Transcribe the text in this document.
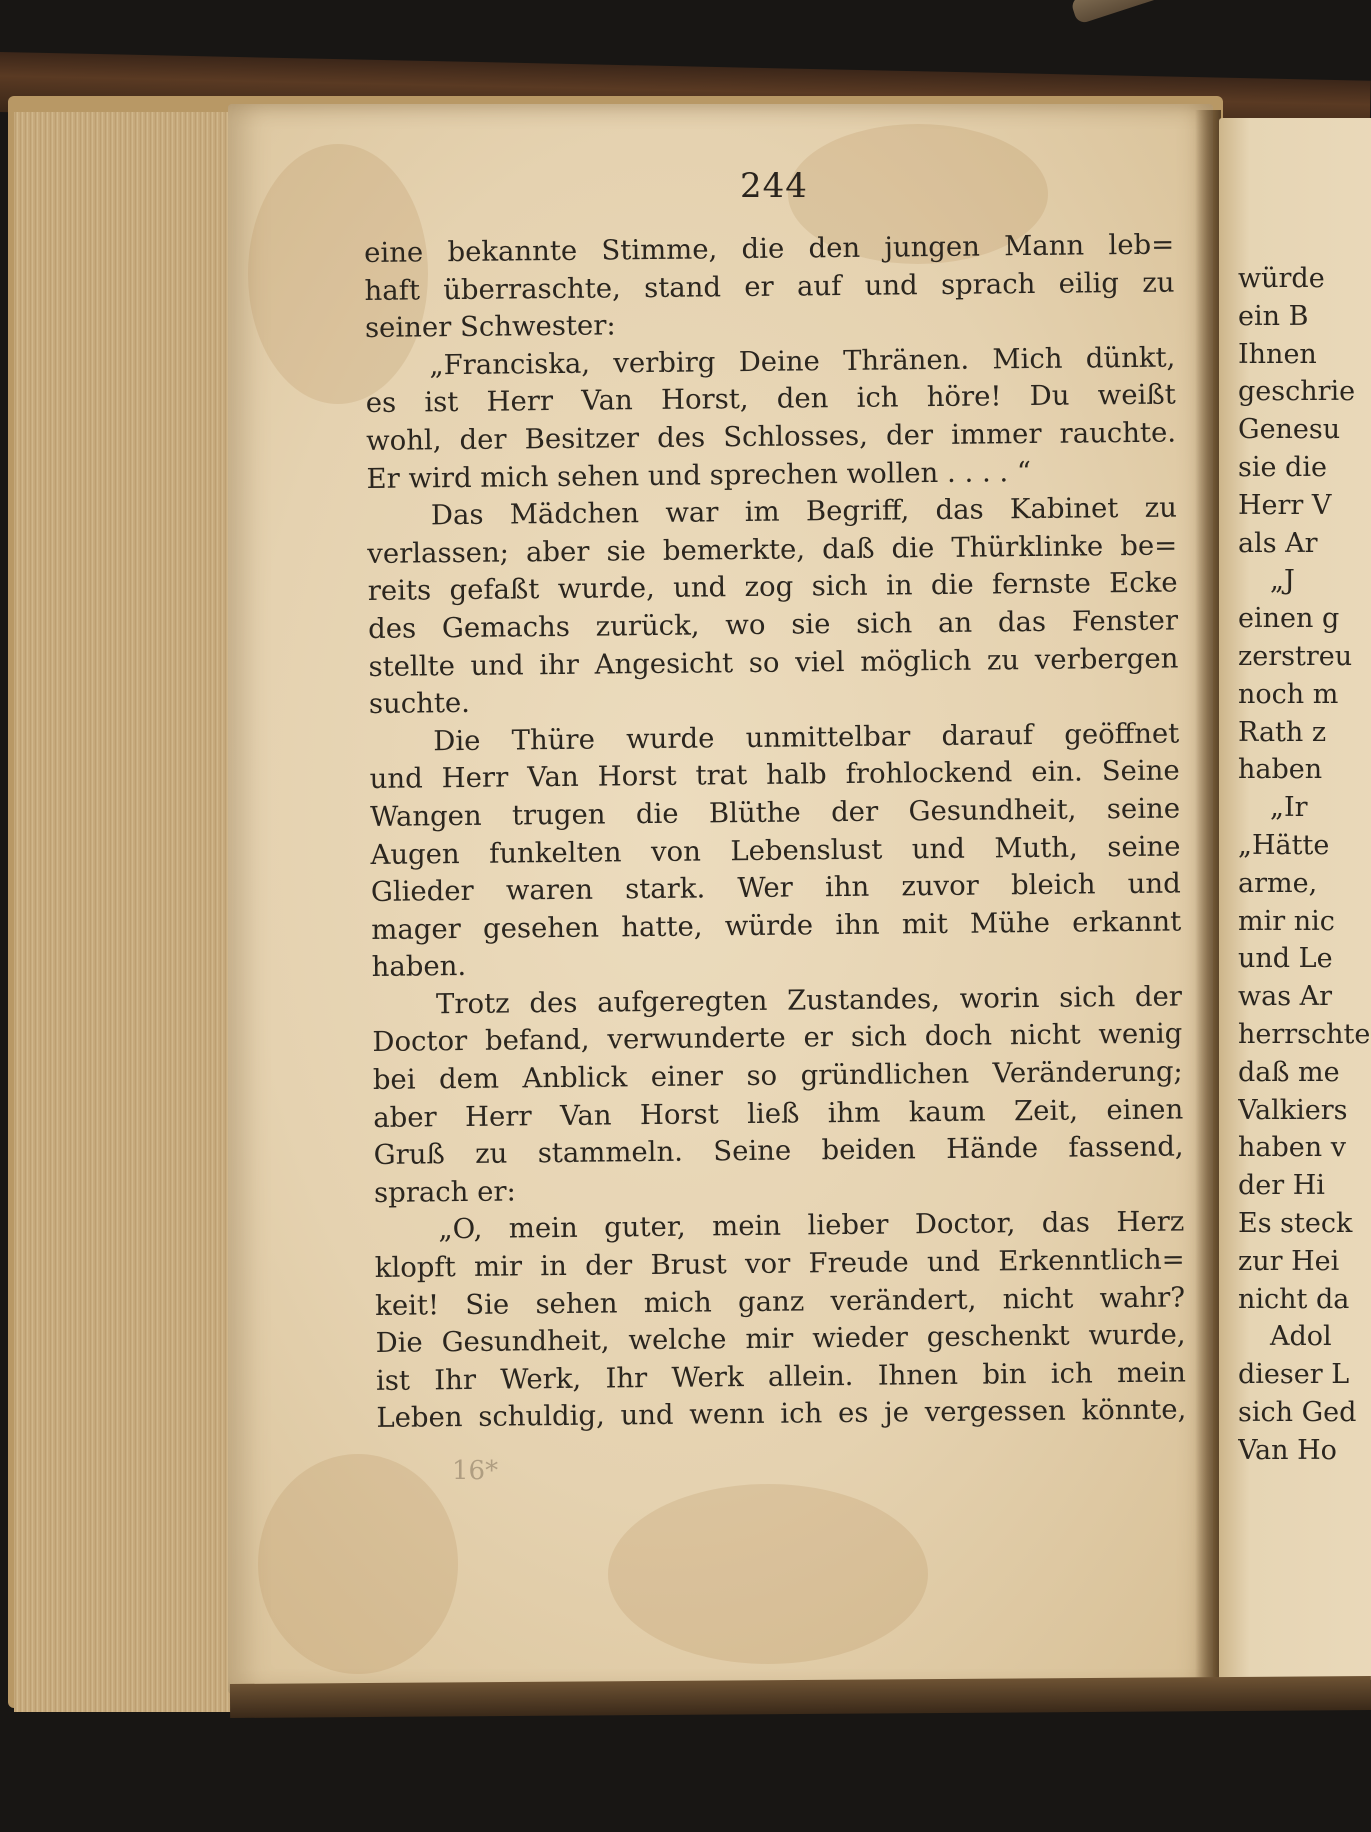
244
eine bekannte Stimme, die den jungen Mann leb=
haft überraschte, stand er auf und sprach eilig zu
seiner Schwester:
„Franciska, verbirg Deine Thränen. Mich dünkt,
es ist Herr Van Horst, den ich höre! Du weißt
wohl, der Besitzer des Schlosses, der immer rauchte.
Er wird mich sehen und sprechen wollen . . . . “
Das Mädchen war im Begriff, das Kabinet zu
verlassen; aber sie bemerkte, daß die Thürklinke be=
reits gefaßt wurde, und zog sich in die fernste Ecke
des Gemachs zurück, wo sie sich an das Fenster
stellte und ihr Angesicht so viel möglich zu verbergen
suchte.
Die Thüre wurde unmittelbar darauf geöffnet
und Herr Van Horst trat halb frohlockend ein. Seine
Wangen trugen die Blüthe der Gesundheit, seine
Augen funkelten von Lebenslust und Muth, seine
Glieder waren stark. Wer ihn zuvor bleich und
mager gesehen hatte, würde ihn mit Mühe erkannt
haben.
Trotz des aufgeregten Zustandes, worin sich der
Doctor befand, verwunderte er sich doch nicht wenig
bei dem Anblick einer so gründlichen Veränderung;
aber Herr Van Horst ließ ihm kaum Zeit, einen
Gruß zu stammeln. Seine beiden Hände fassend,
sprach er:
„O, mein guter, mein lieber Doctor, das Herz
klopft mir in der Brust vor Freude und Erkenntlich=
keit! Sie sehen mich ganz verändert, nicht wahr?
Die Gesundheit, welche mir wieder geschenkt wurde,
ist Ihr Werk, Ihr Werk allein. Ihnen bin ich mein
Leben schuldig, und wenn ich es je vergessen könnte,
16*
würde
ein B
Ihnen
geschrie
Genesu
sie die
Herr V
als Ar
„J
einen g
zerstreu
noch m
Rath z
haben
„Ir
„Hätte
arme,
mir nic
und Le
was Ar
herrschte
daß me
Valkiers
haben v
der Hi
Es steck
zur Hei
nicht da
Adol
dieser L
sich Ged
Van Ho
